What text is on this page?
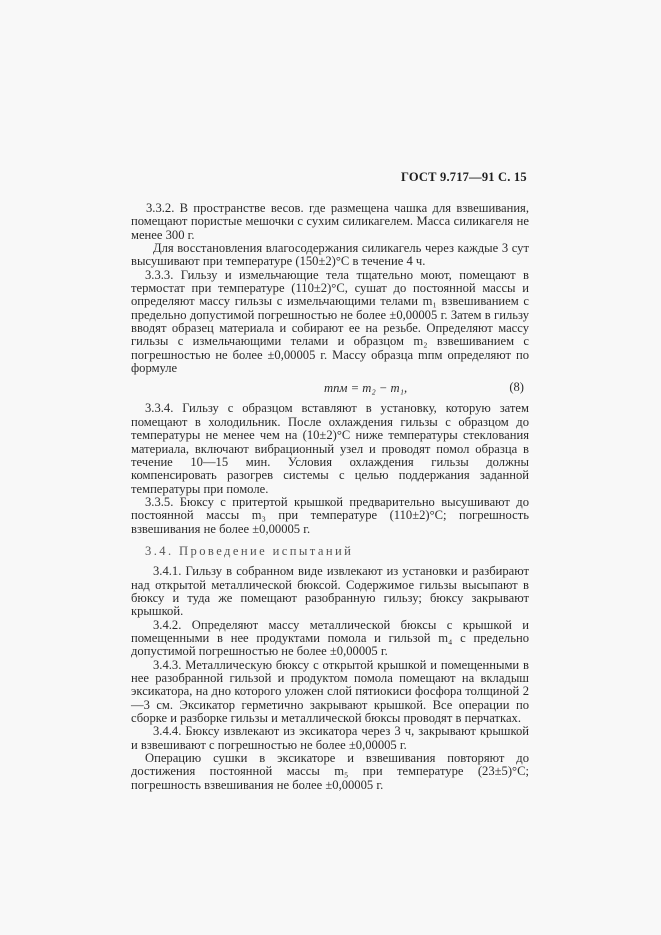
ГОСТ 9.717—91 С. 15

3.3.2. В пространстве весов. где размещена чашка для взвешивания, помещают пористые мешочки с сухим силикагелем. Масса силикагеля не менее 300 г.

Для восстановления влагосодержания силикагель через каждые 3 сут высушивают при температуре (150±2)°С в течение 4 ч.

3.3.3. Гильзу и измельчающие тела тщательно моют, помещают в термостат при температуре (110±2)°С, сушат до постоянной массы и определяют массу гильзы с измельчающими телами m₁ взвешиванием с предельно допустимой погрешностью не более ±0,00005 г. Затем в гильзу вводят образец материала и собирают ее на резьбе. Определяют массу гильзы с измельчающими телами и образцом m₂ взвешиванием с погрешностью не более ±0,00005 г. Массу образца mпм определяют по формуле

mпм = m₂ − m₁,	(8)

3.3.4. Гильзу с образцом вставляют в установку, которую затем помещают в холодильник. После охлаждения гильзы с образцом до температуры не менее чем на (10±2)°С ниже температуры стеклования материала, включают вибрационный узел и проводят помол образца в течение 10—15 мин. Условия охлаждения гильзы должны компенсировать разогрев системы с целью поддержания заданной температуры при помоле.

3.3.5. Бюксу с притертой крышкой предварительно высушивают до постоянной массы m₃ при температуре (110±2)°С; погрешность взвешивания не более ±0,00005 г.

3.4. Проведение испытаний

3.4.1. Гильзу в собранном виде извлекают из установки и разбирают над открытой металлической бюксой. Содержимое гильзы высыпают в бюксу и туда же помещают разобранную гильзу; бюксу закрывают крышкой.

3.4.2. Определяют массу металлической бюксы с крышкой и помещенными в нее продуктами помола и гильзой m₄ с предельно допустимой погрешностью не более ±0,00005 г.

3.4.3. Металлическую бюксу с открытой крышкой и помещенными в нее разобранной гильзой и продуктом помола помещают на вкладыш эксикатора, на дно которого уложен слой пятиокиси фосфора толщиной 2—3 см. Эксикатор герметично закрывают крышкой. Все операции по сборке и разборке гильзы и металлической бюксы проводят в перчатках.

3.4.4. Бюксу извлекают из эксикатора через 3 ч, закрывают крышкой и взвешивают с погрешностью не более ±0,00005 г.

Операцию сушки в эксикаторе и взвешивания повторяют до достижения постоянной массы m₅ при температуре (23±5)°С; погрешность взвешивания не более ±0,00005 г.
